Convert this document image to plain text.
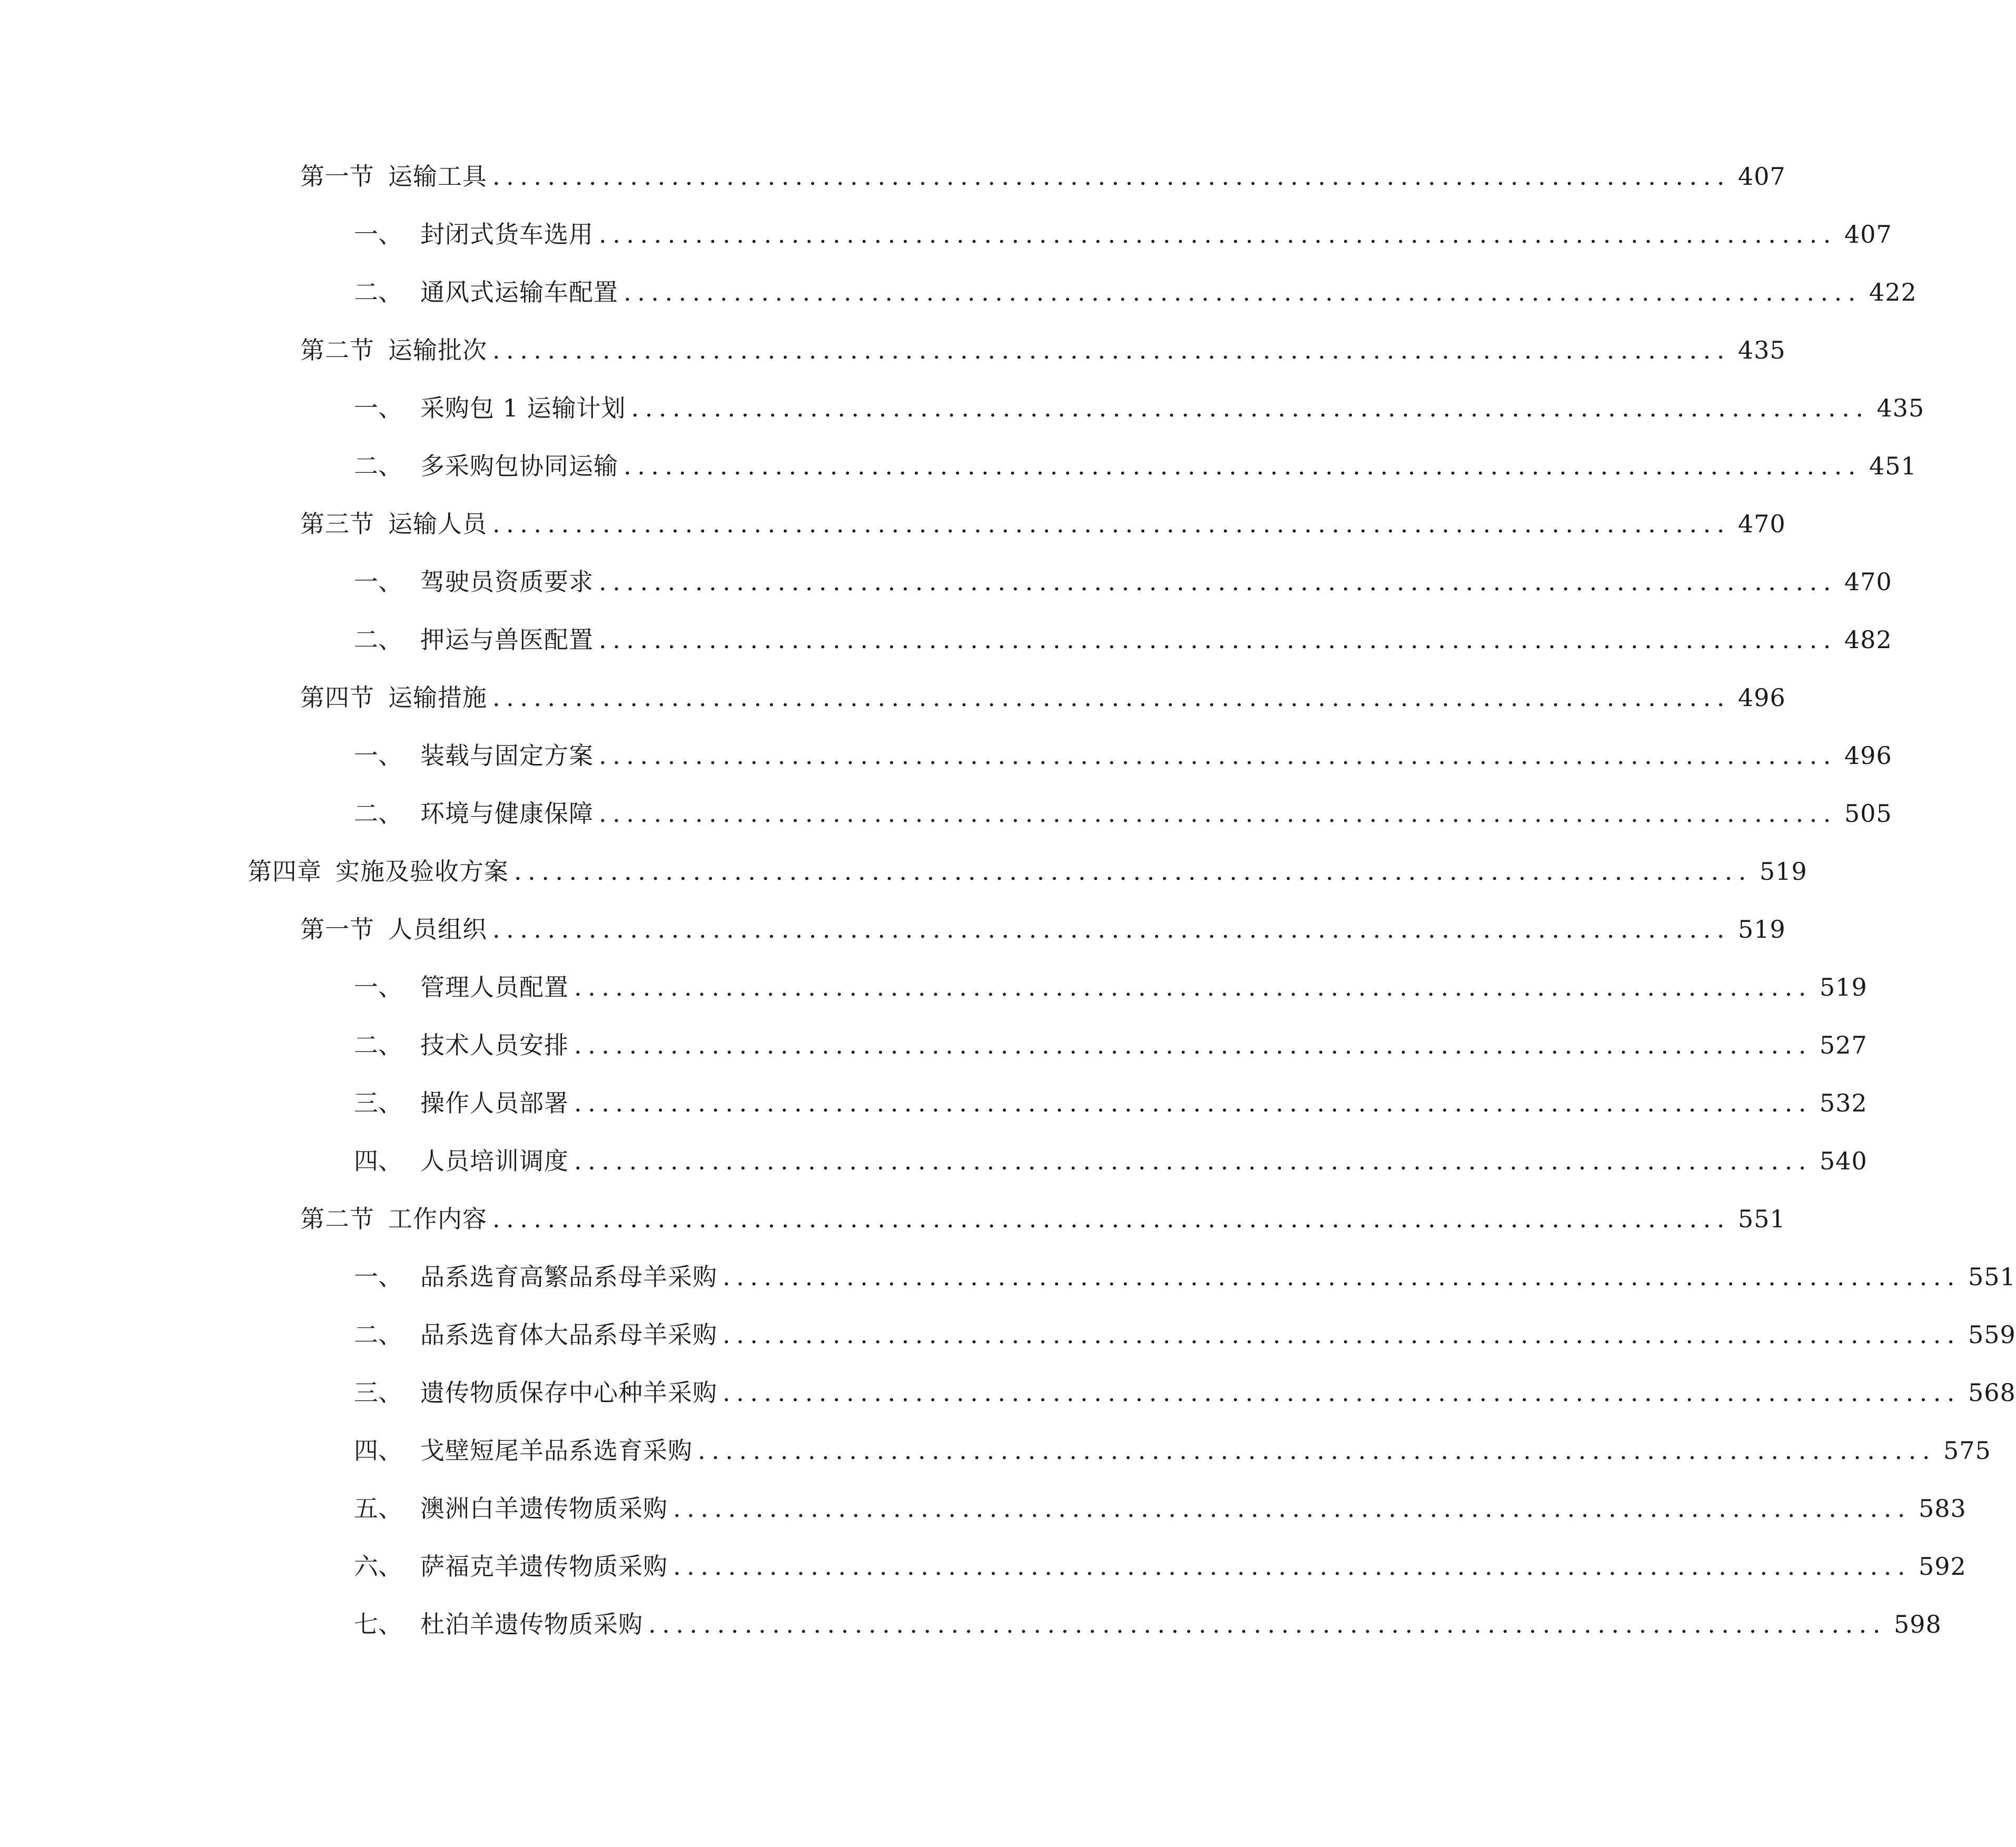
第一节 运输工具 .......................................................................................... 407
一、 封闭式货车选用 .......................................................................................... 407
二、 通风式运输车配置 .......................................................................................... 422
第二节 运输批次 .......................................................................................... 435
一、 采购包 1 运输计划 .......................................................................................... 435
二、 多采购包协同运输 .......................................................................................... 451
第三节 运输人员 .......................................................................................... 470
一、 驾驶员资质要求 .......................................................................................... 470
二、 押运与兽医配置 .......................................................................................... 482
第四节 运输措施 .......................................................................................... 496
一、 装载与固定方案 .......................................................................................... 496
二、 环境与健康保障 .......................................................................................... 505
第四章 实施及验收方案 .......................................................................................... 519
第一节 人员组织 .......................................................................................... 519
一、 管理人员配置 .......................................................................................... 519
二、 技术人员安排 .......................................................................................... 527
三、 操作人员部署 .......................................................................................... 532
四、 人员培训调度 .......................................................................................... 540
第二节 工作内容 .......................................................................................... 551
一、 品系选育高繁品系母羊采购 .......................................................................................... 551
二、 品系选育体大品系母羊采购 .......................................................................................... 559
三、 遗传物质保存中心种羊采购 .......................................................................................... 568
四、 戈壁短尾羊品系选育采购 .......................................................................................... 575
五、 澳洲白羊遗传物质采购 .......................................................................................... 583
六、 萨福克羊遗传物质采购 .......................................................................................... 592
七、 杜泊羊遗传物质采购 .......................................................................................... 598
